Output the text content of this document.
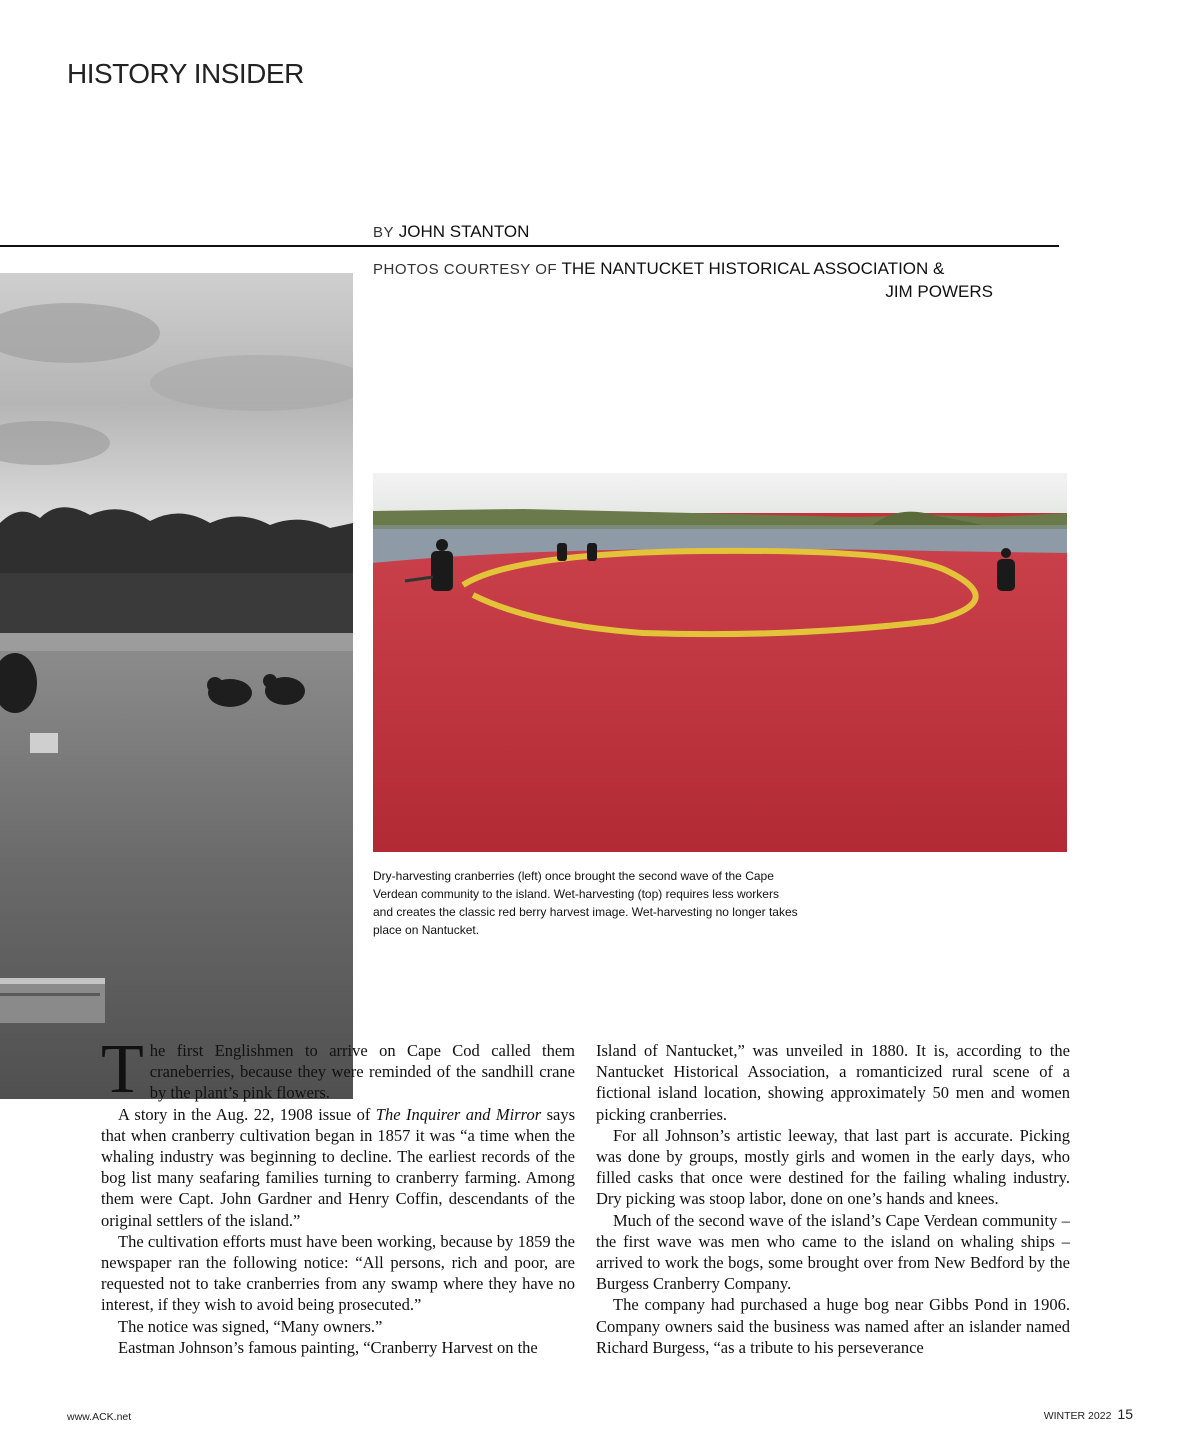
HISTORY INSIDER
BY JOHN STANTON
PHOTOS COURTESY OF THE NANTUCKET HISTORICAL ASSOCIATION &
JIM POWERS
Dry-harvesting cranberries (left) once brought the second wave of the Cape Verdean community to the island. Wet-harvesting (top) requires less workers and creates the classic red berry harvest image. Wet-harvesting no longer takes place on Nantucket.

The first Englishmen to arrive on Cape Cod called them craneberries, because they were reminded of the sandhill crane by the plant’s pink flowers.

A story in the Aug. 22, 1908 issue of The Inquirer and Mirror says that when cranberry cultivation began in 1857 it was “a time when the whaling industry was beginning to decline. The earliest records of the bog list many seafaring families turning to cranberry farming. Among them were Capt. John Gardner and Henry Coffin, descendants of the original settlers of the island.”

The cultivation efforts must have been working, because by 1859 the newspaper ran the following notice: “All persons, rich and poor, are requested not to take cranberries from any swamp where they have no interest, if they wish to avoid being prosecuted.”

The notice was signed, “Many owners.”

Eastman Johnson’s famous painting, “Cranberry Harvest on the

Island of Nantucket,” was unveiled in 1880. It is, according to the Nantucket Historical Association, a romanticized rural scene of a fictional island location, showing approximately 50 men and women picking cranberries.

For all Johnson’s artistic leeway, that last part is accurate. Picking was done by groups, mostly girls and women in the early days, who filled casks that once were destined for the failing whaling industry. Dry picking was stoop labor, done on one’s hands and knees.

Much of the second wave of the island’s Cape Verdean community – the first wave was men who came to the island on whaling ships – arrived to work the bogs, some brought over from New Bedford by the Burgess Cranberry Company.

The company had purchased a huge bog near Gibbs Pond in 1906. Company owners said the business was named after an islander named Richard Burgess, “as a tribute to his perseverance

www.ACK.net	WINTER 2022 15
